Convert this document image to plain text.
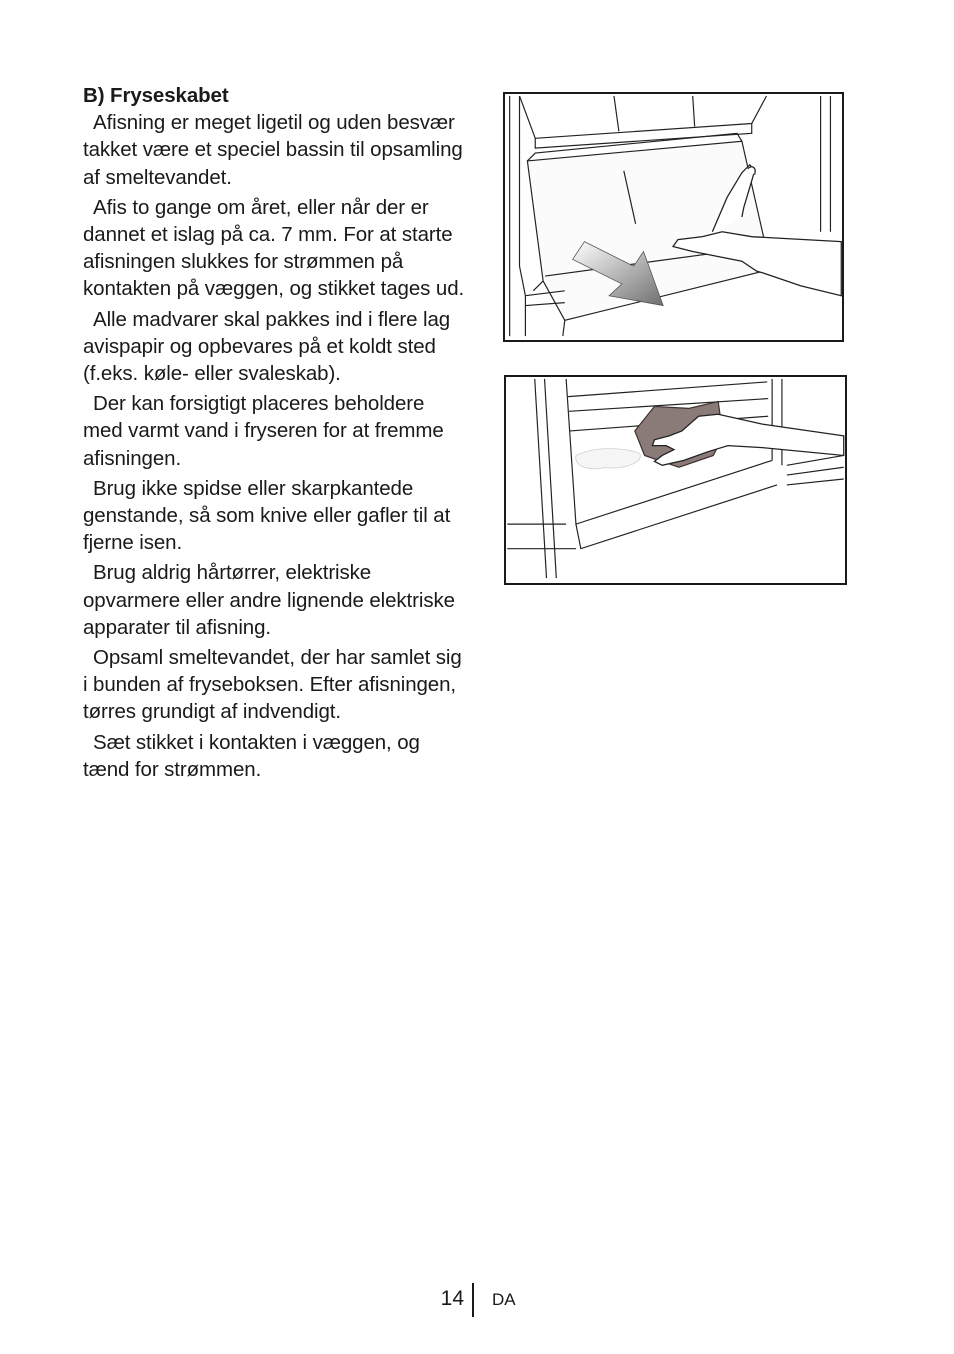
B) Fryseskabet

Afisning er meget ligetil og uden besvær takket være et speciel bassin til opsamling af smeltevandet.

Afis to gange om året, eller når der er dannet et islag på ca. 7 mm. For at starte afisningen slukkes for strømmen på kontakten på væggen, og stikket tages ud.

Alle madvarer skal pakkes ind i flere lag avispapir og opbevares på et koldt sted (f.eks. køle- eller svaleskab).

Der kan forsigtigt placeres beholdere med varmt vand i fryseren for at fremme afisningen.

Brug ikke spidse eller skarpkantede genstande, så som knive eller gafler til at fjerne isen.

Brug aldrig hårtørrer, elektriske opvarmere eller andre lignende elektriske apparater til afisning.

Opsaml smeltevandet, der har samlet sig i bunden af fryseboksen. Efter afisningen, tørres grundigt af indvendigt.

Sæt stikket i kontakten i væggen, og tænd for strømmen.

14 DA
